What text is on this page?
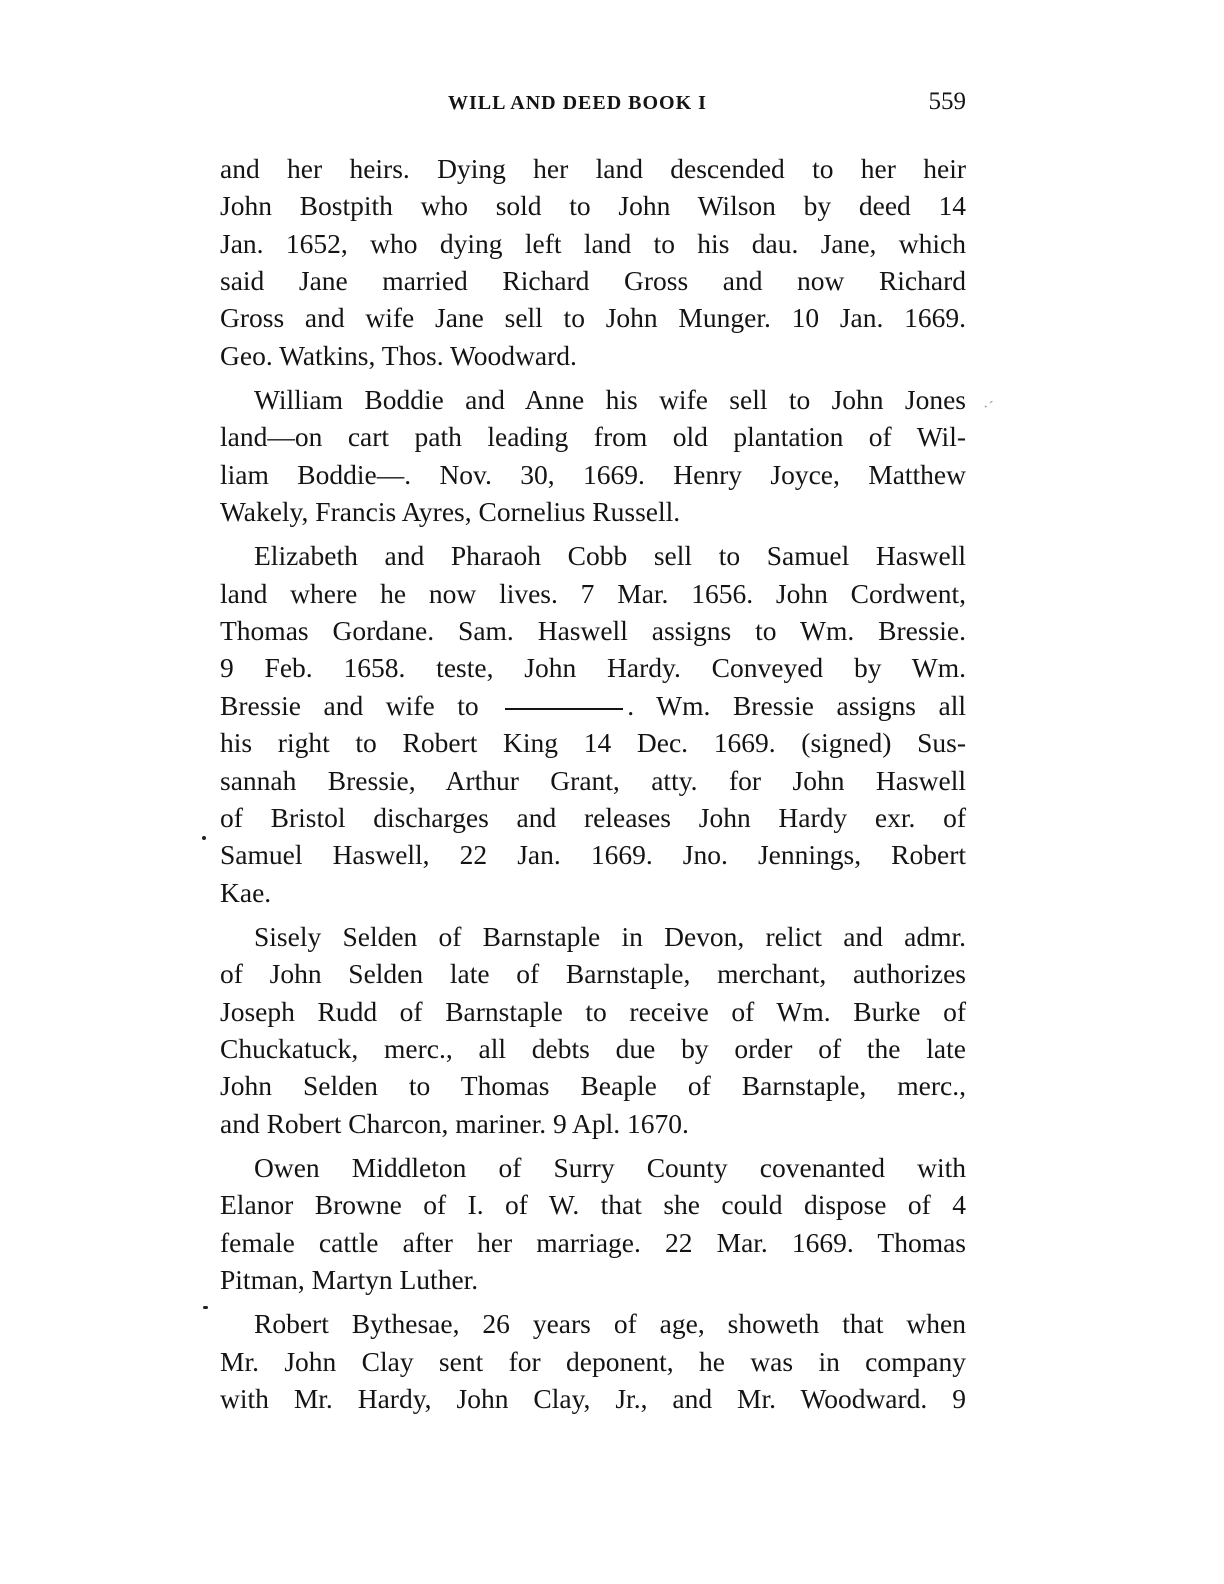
WILL AND DEED BOOK I	559
and her heirs. Dying her land descended to her heir
John Bostpith who sold to John Wilson by deed 14
Jan. 1652, who dying left land to his dau. Jane, which
said Jane married Richard Gross and now Richard
Gross and wife Jane sell to John Munger. 10 Jan. 1669.
Geo. Watkins, Thos. Woodward.
William Boddie and Anne his wife sell to John Jones
land—on cart path leading from old plantation of Wil-
liam Boddie—. Nov. 30, 1669. Henry Joyce, Matthew
Wakely, Francis Ayres, Cornelius Russell.
Elizabeth and Pharaoh Cobb sell to Samuel Haswell
land where he now lives. 7 Mar. 1656. John Cordwent,
Thomas Gordane. Sam. Haswell assigns to Wm. Bressie.
9 Feb. 1658. teste, John Hardy. Conveyed by Wm.
Bressie and wife to	. Wm. Bressie assigns all
his right to Robert King 14 Dec. 1669. (signed) Sus-
sannah Bressie, Arthur Grant, atty. for John Haswell
of Bristol discharges and releases John Hardy exr. of
Samuel Haswell, 22 Jan. 1669. Jno. Jennings, Robert
Kae.
Sisely Selden of Barnstaple in Devon, relict and admr.
of John Selden late of Barnstaple, merchant, authorizes
Joseph Rudd of Barnstaple to receive of Wm. Burke of
Chuckatuck, merc., all debts due by order of the late
John Selden to Thomas Beaple of Barnstaple, merc.,
and Robert Charcon, mariner. 9 Apl. 1670.
Owen Middleton of Surry County covenanted with
Elanor Browne of I. of W. that she could dispose of 4
female cattle after her marriage. 22 Mar. 1669. Thomas
Pitman, Martyn Luther.
Robert Bythesae, 26 years of age, showeth that when
Mr. John Clay sent for deponent, he was in company
with Mr. Hardy, John Clay, Jr., and Mr. Woodward. 9
·´
